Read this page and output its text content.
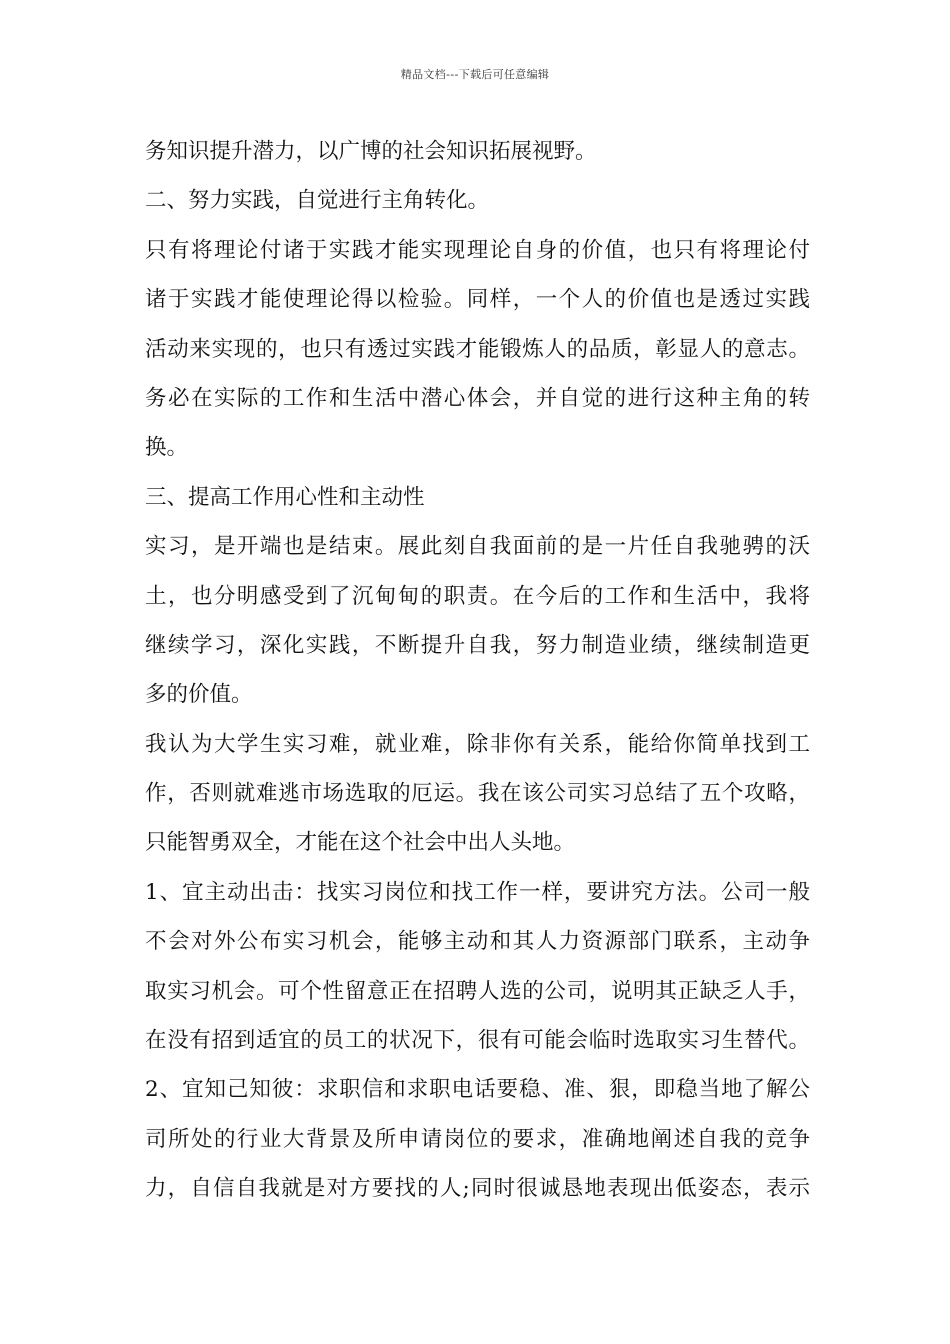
精品文档---下载后可任意编辑
务知识提升潜力，以广博的社会知识拓展视野。
二、努力实践，自觉进行主角转化。
只有将理论付诸于实践才能实现理论自身的价值，也只有将理论付
诸于实践才能使理论得以检验。同样，一个人的价值也是透过实践
活动来实现的，也只有透过实践才能锻炼人的品质，彰显人的意志。
务必在实际的工作和生活中潜心体会，并自觉的进行这种主角的转
换。
三、提高工作用心性和主动性
实习，是开端也是结束。展此刻自我面前的是一片任自我驰骋的沃
土，也分明感受到了沉甸甸的职责。在今后的工作和生活中，我将
继续学习，深化实践，不断提升自我，努力制造业绩，继续制造更
多的价值。
我认为大学生实习难，就业难，除非你有关系，能给你简单找到工
作，否则就难逃市场选取的厄运。我在该公司实习总结了五个攻略，
只能智勇双全，才能在这个社会中出人头地。
1、宜主动出击：找实习岗位和找工作一样，要讲究方法。公司一般
不会对外公布实习机会，能够主动和其人力资源部门联系，主动争
取实习机会。可个性留意正在招聘人选的公司，说明其正缺乏人手，
在没有招到适宜的员工的状况下，很有可能会临时选取实习生替代。
2、宜知己知彼：求职信和求职电话要稳、准、狠，即稳当地了解公
司所处的行业大背景及所申请岗位的要求，准确地阐述自我的竞争
力，自信自我就是对方要找的人;同时很诚恳地表现出低姿态，表示
